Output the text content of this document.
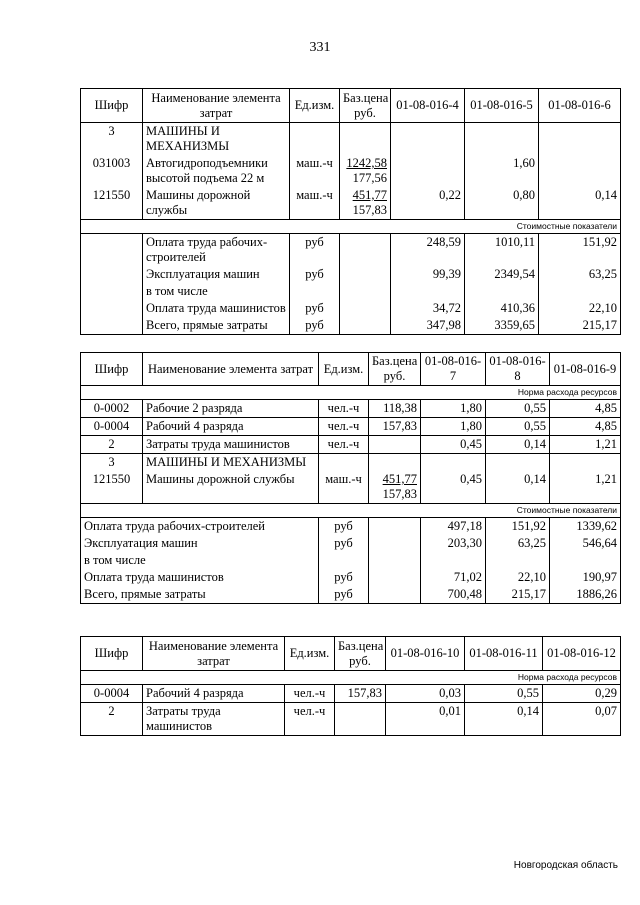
331
Шифр	Наименование элемента затрат	Ед.изм.	Баз.цена руб.	01-08-016-4	01-08-016-5	01-08-016-6
3	МАШИНЫ И МЕХАНИЗМЫ					
031003	Автогидроподъемники высотой подъема 22 м	маш.-ч	1242,58
177,56		1,60	
121550	Машины дорожной службы	маш.-ч	451,77
157,83	0,22	0,80	0,14
Стоимостные показатели						
	Оплата труда рабочих-строителей	руб		248,59	1010,11	151,92
	Эксплуатация машин	руб		99,39	2349,54	63,25
	в том числе					
	Оплата труда машинистов	руб		34,72	410,36	22,10
	Всего, прямые затраты	руб		347,98	3359,65	215,17
Шифр	Наименование элемента затрат	Ед.изм.	Баз.цена руб.	01-08-016-7	01-08-016-8	01-08-016-9
Норма расхода ресурсов						
0-0002	Рабочие 2 разряда	чел.-ч	118,38	1,80	0,55	4,85
0-0004	Рабочий 4 разряда	чел.-ч	157,83	1,80	0,55	4,85
2	Затраты труда машинистов	чел.-ч		0,45	0,14	1,21
3	МАШИНЫ И МЕХАНИЗМЫ					
121550	Машины дорожной службы	маш.-ч	451,77
157,83	0,45	0,14	1,21
Стоимостные показатели						
Оплата труда рабочих-строителей		руб		497,18	151,92	1339,62
Эксплуатация машин		руб		203,30	63,25	546,64
в том числе						
Оплата труда машинистов		руб		71,02	22,10	190,97
Всего, прямые затраты		руб		700,48	215,17	1886,26
Шифр	Наименование элемента затрат	Ед.изм.	Баз.цена руб.	01-08-016-10	01-08-016-11	01-08-016-12
Норма расхода ресурсов						
0-0004	Рабочий 4 разряда	чел.-ч	157,83	0,03	0,55	0,29
2	Затраты труда машинистов	чел.-ч		0,01	0,14	0,07
Новгородская область
